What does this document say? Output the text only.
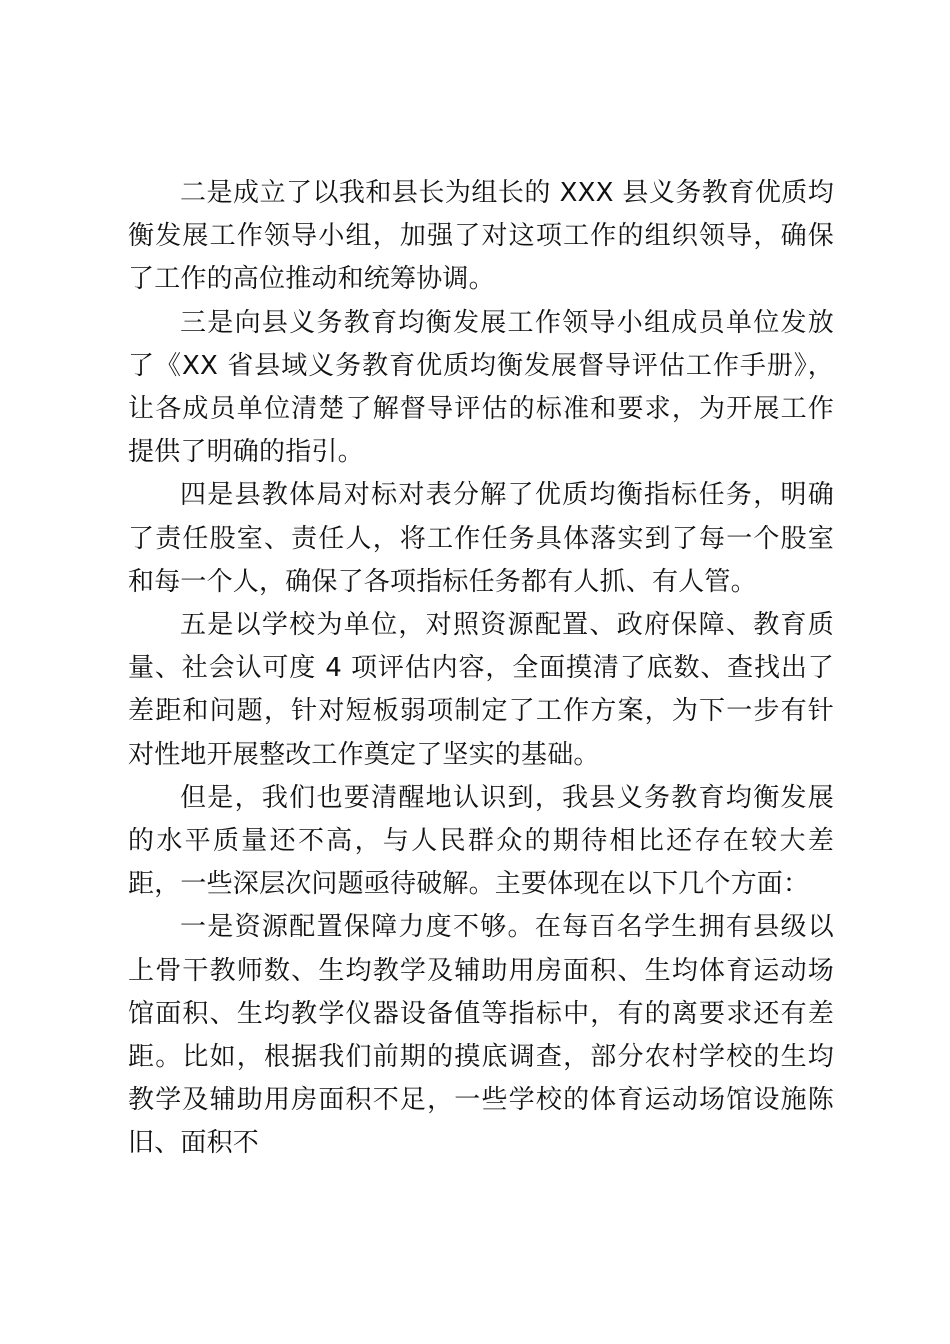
二是成立了以我和县长为组长的 XXX 县义务教育优质均衡发展工作领导小组，加强了对这项工作的组织领导，确保了工作的高位推动和统筹协调。

三是向县义务教育均衡发展工作领导小组成员单位发放了《XX 省县域义务教育优质均衡发展督导评估工作手册》，让各成员单位清楚了解督导评估的标准和要求，为开展工作提供了明确的指引。

四是县教体局对标对表分解了优质均衡指标任务，明确了责任股室、责任人，将工作任务具体落实到了每一个股室和每一个人，确保了各项指标任务都有人抓、有人管。

五是以学校为单位，对照资源配置、政府保障、教育质量、社会认可度 4 项评估内容，全面摸清了底数、查找出了差距和问题，针对短板弱项制定了工作方案，为下一步有针对性地开展整改工作奠定了坚实的基础。

但是，我们也要清醒地认识到，我县义务教育均衡发展的水平质量还不高，与人民群众的期待相比还存在较大差距，一些深层次问题亟待破解。主要体现在以下几个方面：

一是资源配置保障力度不够。在每百名学生拥有县级以上骨干教师数、生均教学及辅助用房面积、生均体育运动场馆面积、生均教学仪器设备值等指标中，有的离要求还有差距。比如，根据我们前期的摸底调查，部分农村学校的生均教学及辅助用房面积不足，一些学校的体育运动场馆设施陈旧、面积不
